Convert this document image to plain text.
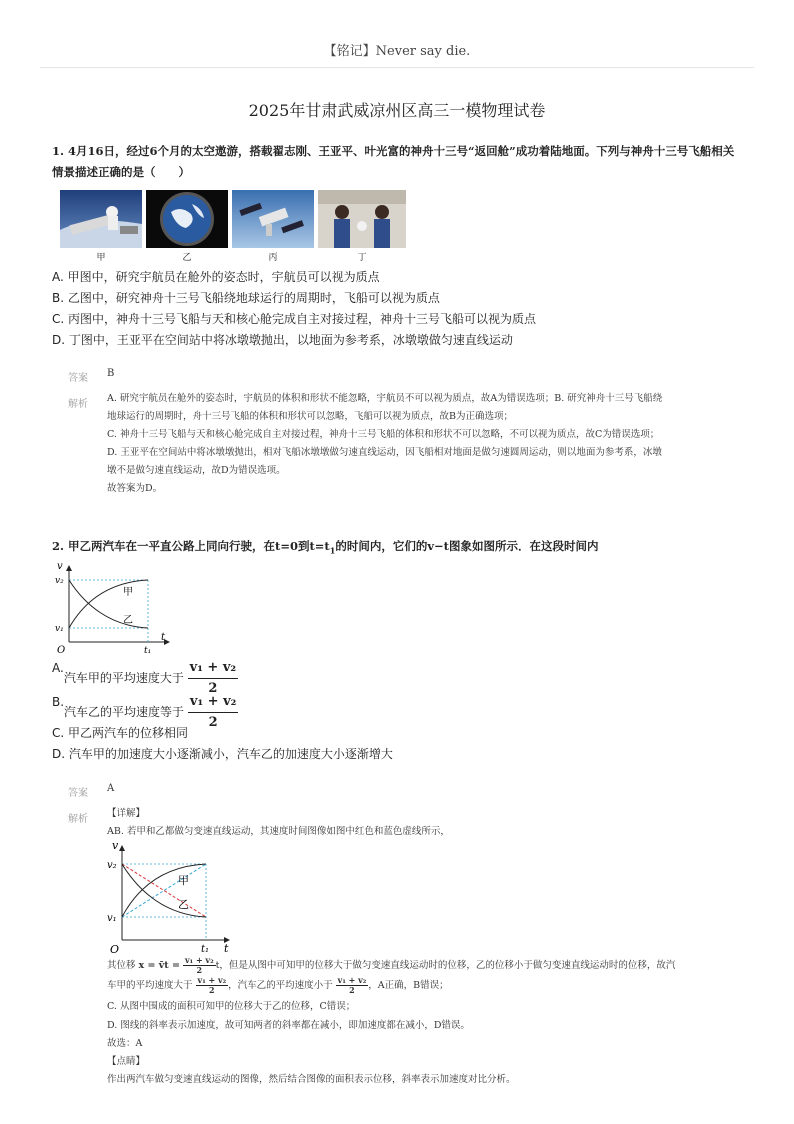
【铭记】Never say die.
2025年甘肃武威凉州区高三一模物理试卷
1. 4月16日，经过6个月的太空遨游，搭载翟志刚、王亚平、叶光富的神舟十三号“返回舱”成功着陆地面。下列与神舟十三号飞船相关情景描述正确的是（　　）
甲	乙	丙	丁
A. 甲图中，研究宇航员在舱外的姿态时，宇航员可以视为质点
B. 乙图中，研究神舟十三号飞船绕地球运行的周期时，飞船可以视为质点
C. 丙图中，神舟十三号飞船与天和核心舱完成自主对接过程，神舟十三号飞船可以视为质点
D. 丁图中，王亚平在空间站中将冰墩墩抛出，以地面为参考系，冰墩墩做匀速直线运动
答案 B
解析

A. 研究宇航员在舱外的姿态时，宇航员的体积和形状不能忽略，宇航员不可以视为质点，故A为错误选项；B. 研究神舟十三号飞船绕

地球运行的周期时，舟十三号飞船的体积和形状可以忽略，飞船可以视为质点，故B为正确选项；

C. 神舟十三号飞船与天和核心舱完成自主对接过程，神舟十三号飞船的体积和形状不可以忽略，不可以视为质点，故C为错误选项；

D. 王亚平在空间站中将冰墩墩抛出，相对飞船冰墩墩做匀速直线运动，因飞船相对地面是做匀速圆周运动，则以地面为参考系，冰墩

墩不是做匀速直线运动，故D为错误选项。

故答案为D。

2. 甲乙两汽车在一平直公路上同向行驶，在t=0到$t=t_1$的时间内，它们的v−t图象如图所示．在这段时间内
v
t
O
v₂
v₁
t₁
甲
乙
A.汽车甲的平均速度大于 $\frac{\text{v₁ + v₂}}{2}$
B.汽车乙的平均速度等于 $\frac{\text{v₁ + v₂}}{2}$
C. 甲乙两汽车的位移相同
D. 汽车甲的加速度大小逐渐减小，汽车乙的加速度大小逐渐增大
答案 A
解析
【详解】
AB. 若甲和乙都做匀变速直线运动，其速度时间图像如图中红色和蓝色虚线所示，
v
t
O
v₂
v₁
t₁
甲
乙
其位移 x = v̄t = $\frac{\text{v₁ + v₂}}{2}$ t，但是从图中可知甲的位移大于做匀变速直线运动时的位移，乙的位移小于做匀变速直线运动时的位移，故汽
车甲的平均速度大于 $\frac{\text{v₁ + v₂}}{2}$ ，汽车乙的平均速度小于 $\frac{\text{v₁ + v₂}}{2}$ ，A正确，B错误；
C. 从图中围成的面积可知甲的位移大于乙的位移，C错误；
D. 图线的斜率表示加速度，故可知两者的斜率都在减小，即加速度都在减小，D错误。
故选：A
【点睛】
作出两汽车做匀变速直线运动的图像，然后结合图像的面积表示位移，斜率表示加速度对比分析。
